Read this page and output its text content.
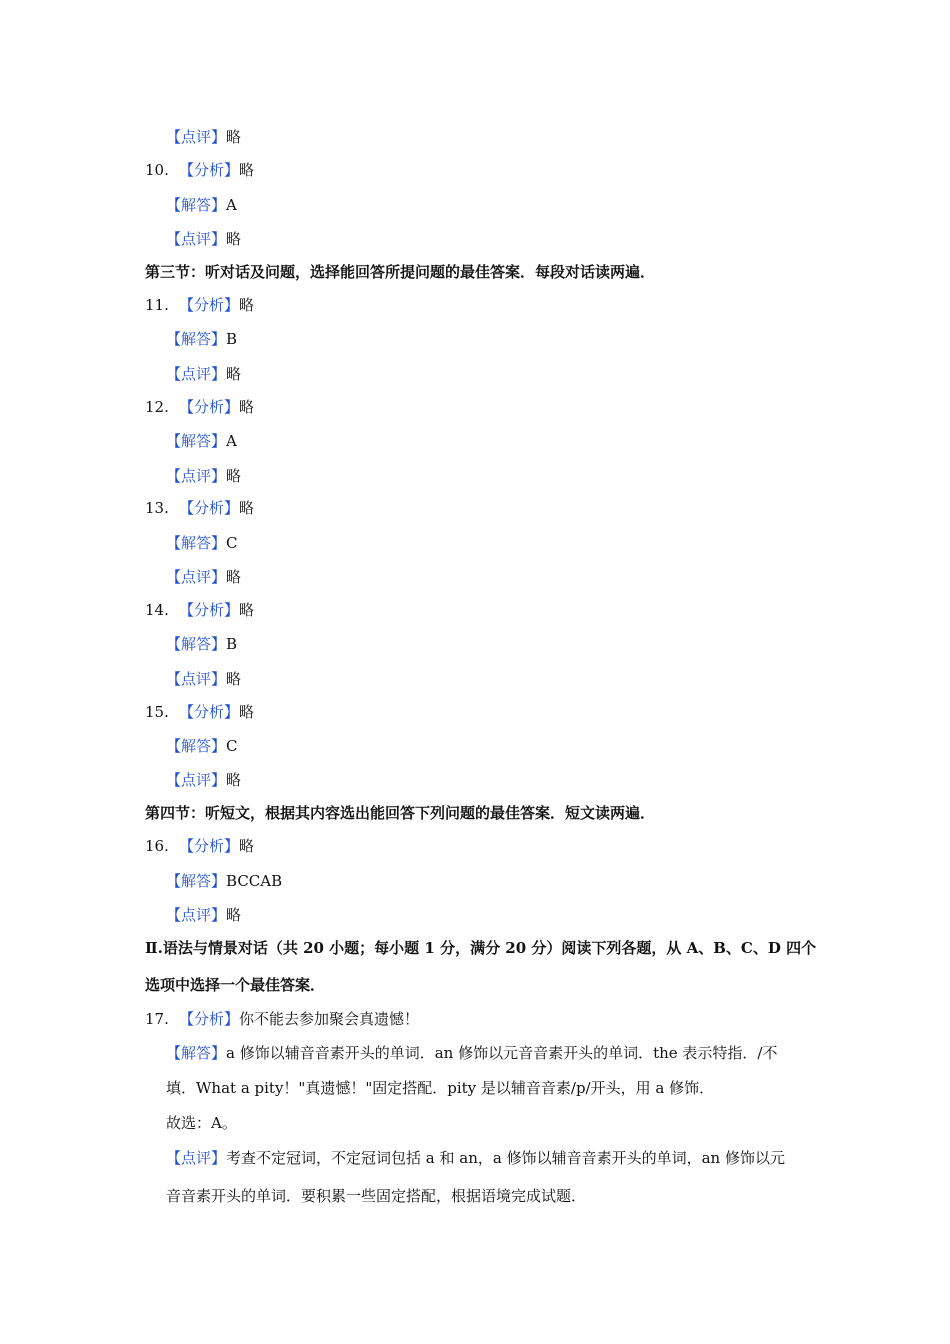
【点评】略
10. 【分析】略
【解答】A
【点评】略
第三节：听对话及问题，选择能回答所提问题的最佳答案．每段对话读两遍．
11. 【分析】略
【解答】B
【点评】略
12. 【分析】略
【解答】A
【点评】略
13. 【分析】略
【解答】C
【点评】略
14. 【分析】略
【解答】B
【点评】略
15. 【分析】略
【解答】C
【点评】略
第四节：听短文，根据其内容选出能回答下列问题的最佳答案．短文读两遍．
16. 【分析】略
【解答】BCCAB
【点评】略
Ⅱ.语法与情景对话（共 20 小题；每小题 1 分，满分 20 分）阅读下列各题，从 A、B、C、D 四个
选项中选择一个最佳答案．
17. 【分析】你不能去参加聚会真遗憾！
【解答】a 修饰以辅音音素开头的单词．an 修饰以元音音素开头的单词．the 表示特指．/不
填．What a pity！"真遗憾！"固定搭配．pity 是以辅音音素/p/开头，用 a 修饰．
故选：A。
【点评】考查不定冠词，不定冠词包括 a 和 an，a 修饰以辅音音素开头的单词，an 修饰以元
音音素开头的单词．要积累一些固定搭配，根据语境完成试题．
